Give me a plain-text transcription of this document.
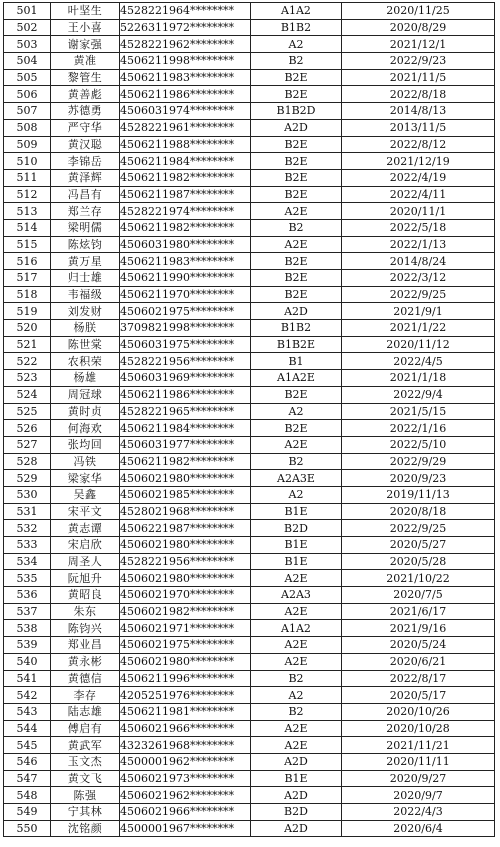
501	叶坚生	4528221964********	A1A2	2020/11/25
502	王小喜	5226311972********	B1B2	2020/8/29
503	谢家强	4528221962********	A2	2021/12/1
504	黄准	4506211998********	B2	2022/9/23
505	黎管生	4506211983********	B2E	2021/11/5
506	黄善彪	4506211986********	B2E	2022/8/18
507	苏德勇	4506031974********	B1B2D	2014/8/13
508	严守华	4528221961********	A2D	2013/11/5
509	黄汉聪	4506211988********	B2E	2022/8/12
510	李锦岳	4506211984********	B2E	2021/12/19
511	黄泽辉	4506211982********	B2E	2022/4/19
512	冯昌有	4506211987********	B2E	2022/4/11
513	郑兰存	4528221974********	A2E	2020/11/1
514	梁明儒	4506211982********	B2	2022/5/18
515	陈炫钧	4506031980********	A2E	2022/1/13
516	黄万星	4506211983********	B2E	2014/8/24
517	归士雄	4506211990********	B2E	2022/3/12
518	韦福级	4506211970********	B2E	2022/9/25
519	刘发财	4506021975********	A2D	2021/9/1
520	杨朕	3709821998********	B1B2	2021/1/22
521	陈世棠	4506031975********	B1B2E	2020/11/12
522	农积荣	4528221956********	B1	2022/4/5
523	杨雄	4506031969********	A1A2E	2021/1/18
524	周冠球	4506211986********	B2E	2022/9/4
525	黄时贞	4528221965********	A2	2021/5/15
526	何海欢	4506211984********	B2E	2022/1/16
527	张均回	4506031977********	A2E	2022/5/10
528	冯铁	4506211982********	B2	2022/9/29
529	梁家华	4506021980********	A2A3E	2020/9/23
530	吴鑫	4506021985********	A2	2019/11/13
531	宋平文	4528021968********	B1E	2020/8/18
532	黄志谭	4506221987********	B2D	2022/9/25
533	宋启欣	4506021980********	B1E	2020/5/27
534	周圣人	4528221956********	B1E	2020/5/28
535	阮旭升	4506021980********	A2E	2021/10/22
536	黄昭良	4506021970********	A2A3	2020/7/5
537	朱东	4506021982********	A2E	2021/6/17
538	陈钧兴	4506021971********	A1A2	2021/9/16
539	郑业昌	4506021975********	A2E	2020/5/24
540	黄永彬	4506021980********	A2E	2020/6/21
541	黄德信	4506211996********	B2	2022/8/17
542	李存	4205251976********	A2	2020/5/17
543	陆志雄	4506211981********	B2	2020/10/26
544	傅启有	4506021966********	A2E	2020/10/28
545	黄武军	4323261968********	A2E	2021/11/21
546	玉文杰	4500001962********	A2D	2020/11/11
547	黄文飞	4506021973********	B1E	2020/9/27
548	陈强	4506021962********	A2D	2020/9/7
549	宁其林	4506021966********	B2D	2022/4/3
550	沈铭颜	4500001967********	A2D	2020/6/4
